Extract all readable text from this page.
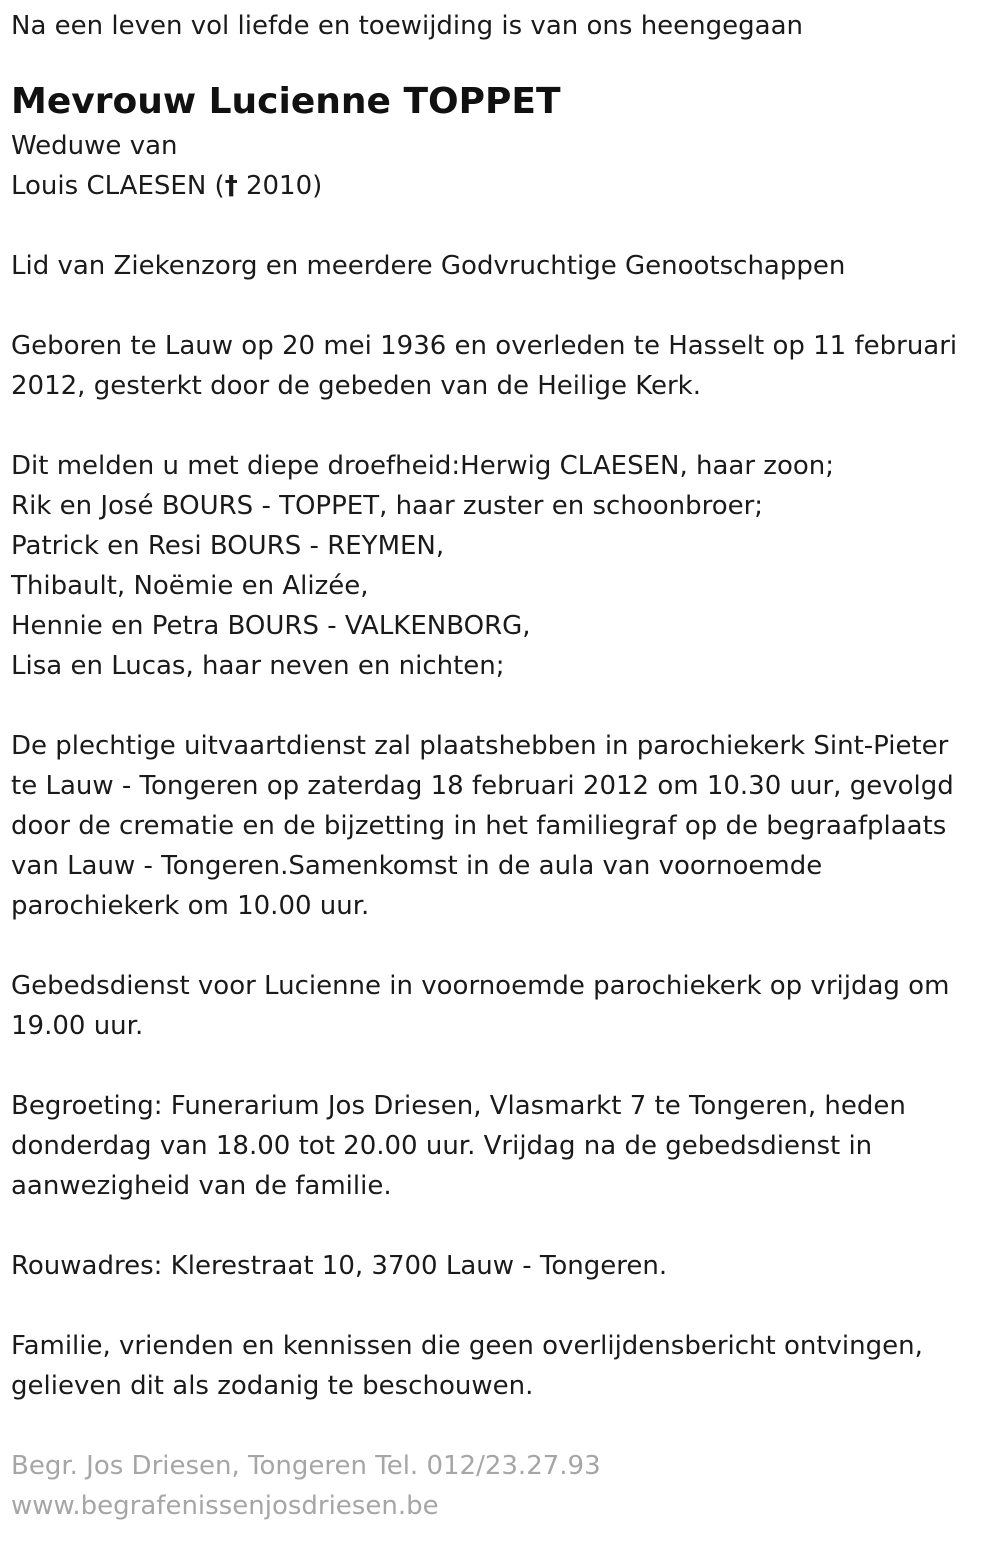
Na een leven vol liefde en toewijding is van ons heengegaan

Mevrouw Lucienne TOPPET

Weduwe van

Louis CLAESEN († 2010)

Lid van Ziekenzorg en meerdere Godvruchtige Genootschappen

Geboren te Lauw op 20 mei 1936 en overleden te Hasselt op 11 februari

2012, gesterkt door de gebeden van de Heilige Kerk.

Dit melden u met diepe droefheid:Herwig CLAESEN, haar zoon;

Rik en José BOURS - TOPPET, haar zuster en schoonbroer;

Patrick en Resi BOURS - REYMEN,

Thibault, Noëmie en Alizée,

Hennie en Petra BOURS - VALKENBORG,

Lisa en Lucas, haar neven en nichten;

De plechtige uitvaartdienst zal plaatshebben in parochiekerk Sint-Pieter

te Lauw - Tongeren op zaterdag 18 februari 2012 om 10.30 uur, gevolgd

door de crematie en de bijzetting in het familiegraf op de begraafplaats

van Lauw - Tongeren.Samenkomst in de aula van voornoemde

parochiekerk om 10.00 uur.

Gebedsdienst voor Lucienne in voornoemde parochiekerk op vrijdag om

19.00 uur.

Begroeting: Funerarium Jos Driesen, Vlasmarkt 7 te Tongeren, heden

donderdag van 18.00 tot 20.00 uur. Vrijdag na de gebedsdienst in

aanwezigheid van de familie.

Rouwadres: Klerestraat 10, 3700 Lauw - Tongeren.

Familie, vrienden en kennissen die geen overlijdensbericht ontvingen,

gelieven dit als zodanig te beschouwen.

Begr. Jos Driesen, Tongeren Tel. 012/23.27.93

www.begrafenissenjosdriesen.be
